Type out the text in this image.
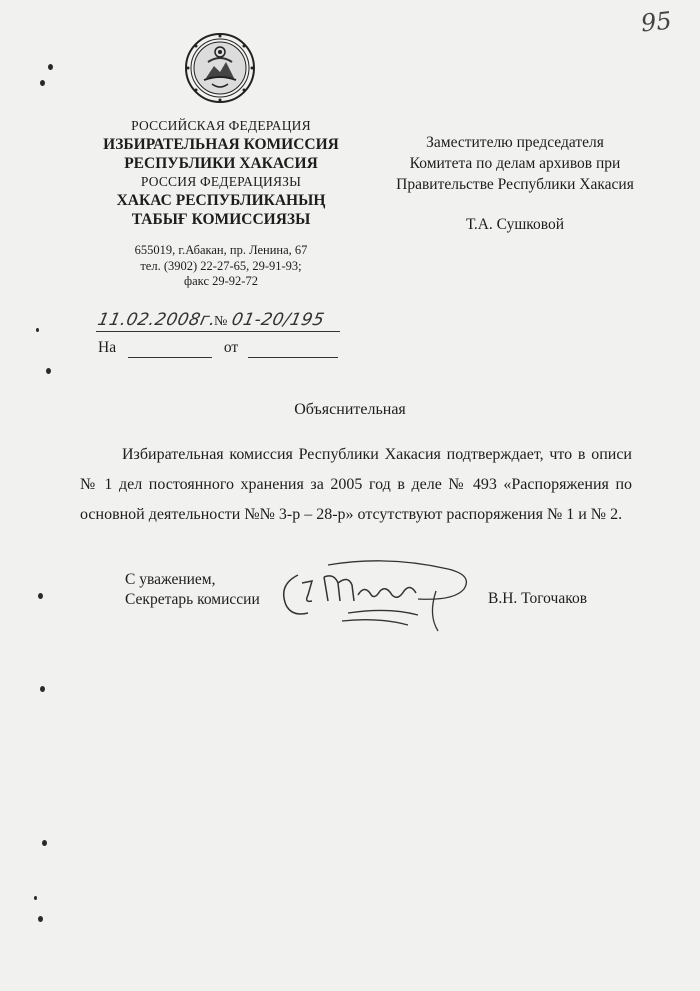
95
РОССИЙСКАЯ ФЕДЕРАЦИЯ
ИЗБИРАТЕЛЬНАЯ КОМИССИЯ
РЕСПУБЛИКИ ХАКАСИЯ
РОССИЯ ФЕДЕРАЦИЯЗЫ
ХАКАС РЕСПУБЛИКАНЫҢ
ТАБЫҒ КОМИССИЯЗЫ
655019, г.Абакан, пр. Ленина, 67
тел. (3902) 22-27-65, 29-91-93;
факс 29-92-72
11.02.2008г.
№ 01-20/195
На	от
Заместителю председателя
Комитета по делам архивов при
Правительстве Республики Хакасия
Т.А. Сушковой
Объяснительная
Избирательная комиссия Республики Хакасия подтверждает, что в описи № 1 дел постоянного хранения за 2005 год в деле № 493 «Распоряжения по основной деятельности №№ 3-р – 28-р» отсутствуют распоряжения № 1 и № 2.
С уважением,
Секретарь комиссии	В.Н. Тогочаков
